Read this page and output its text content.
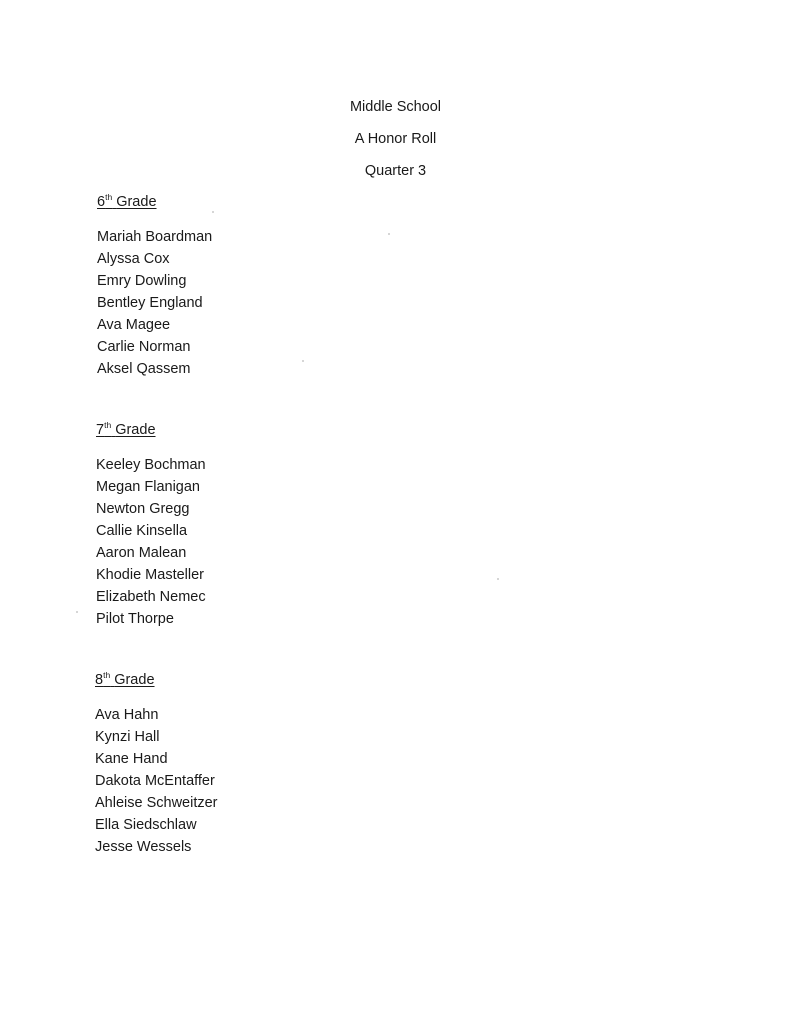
Middle School
A Honor Roll
Quarter 3
6th Grade
Mariah Boardman
Alyssa Cox
Emry Dowling
Bentley England
Ava Magee
Carlie Norman
Aksel Qassem
7th Grade
Keeley Bochman
Megan Flanigan
Newton Gregg
Callie Kinsella
Aaron Malean
Khodie Masteller
Elizabeth Nemec
Pilot Thorpe
8th Grade
Ava Hahn
Kynzi Hall
Kane Hand
Dakota McEntaffer
Ahleise Schweitzer
Ella Siedschlaw
Jesse Wessels
